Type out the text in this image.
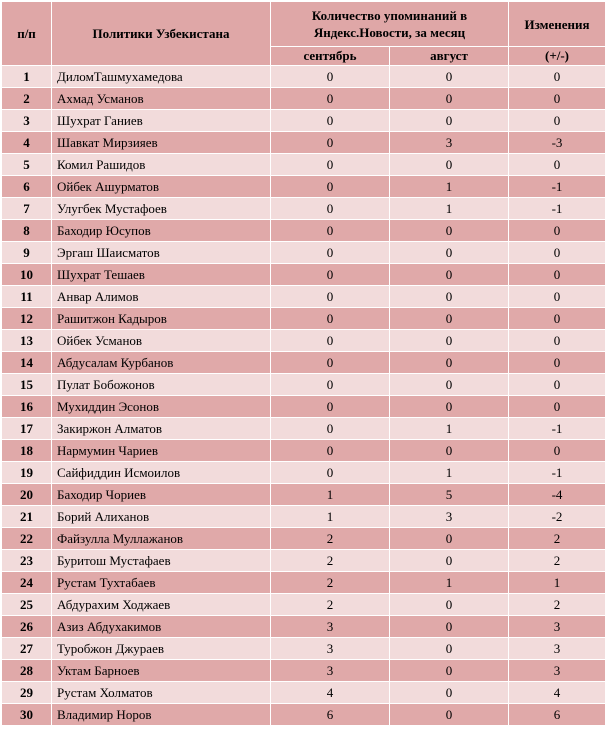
п/п	Политики Узбекистана	Количество упоминаний в Яндекс.Новости, за месяц		Изменения
		сентябрь	август	(+/-)
1	ДиломТашмухамедова	0	0	0
2	Ахмад Усманов	0	0	0
3	Шухрат Ганиев	0	0	0
4	Шавкат Мирзияев	0	3	-3
5	Комил Рашидов	0	0	0
6	Ойбек Ашурматов	0	1	-1
7	Улугбек Мустафоев	0	1	-1
8	Баходир Юсупов	0	0	0
9	Эргаш Шаисматов	0	0	0
10	Шухрат Тешаев	0	0	0
11	Анвар Алимов	0	0	0
12	Рашитжон Кадыров	0	0	0
13	Ойбек Усманов	0	0	0
14	Абдусалам Курбанов	0	0	0
15	Пулат Бобожонов	0	0	0
16	Мухиддин Эсонов	0	0	0
17	Закиржон Алматов	0	1	-1
18	Нармумин Чариев	0	0	0
19	Сайфиддин Исмоилов	0	1	-1
20	Баходир Чориев	1	5	-4
21	Борий Алиханов	1	3	-2
22	Файзулла Муллажанов	2	0	2
23	Буритош Мустафаев	2	0	2
24	Рустам Тухтабаев	2	1	1
25	Абдурахим Ходжаев	2	0	2
26	Азиз Абдухакимов	3	0	3
27	Туробжон Джураев	3	0	3
28	Уктам Барноев	3	0	3
29	Рустам Холматов	4	0	4
30	Владимир Норов	6	0	6
